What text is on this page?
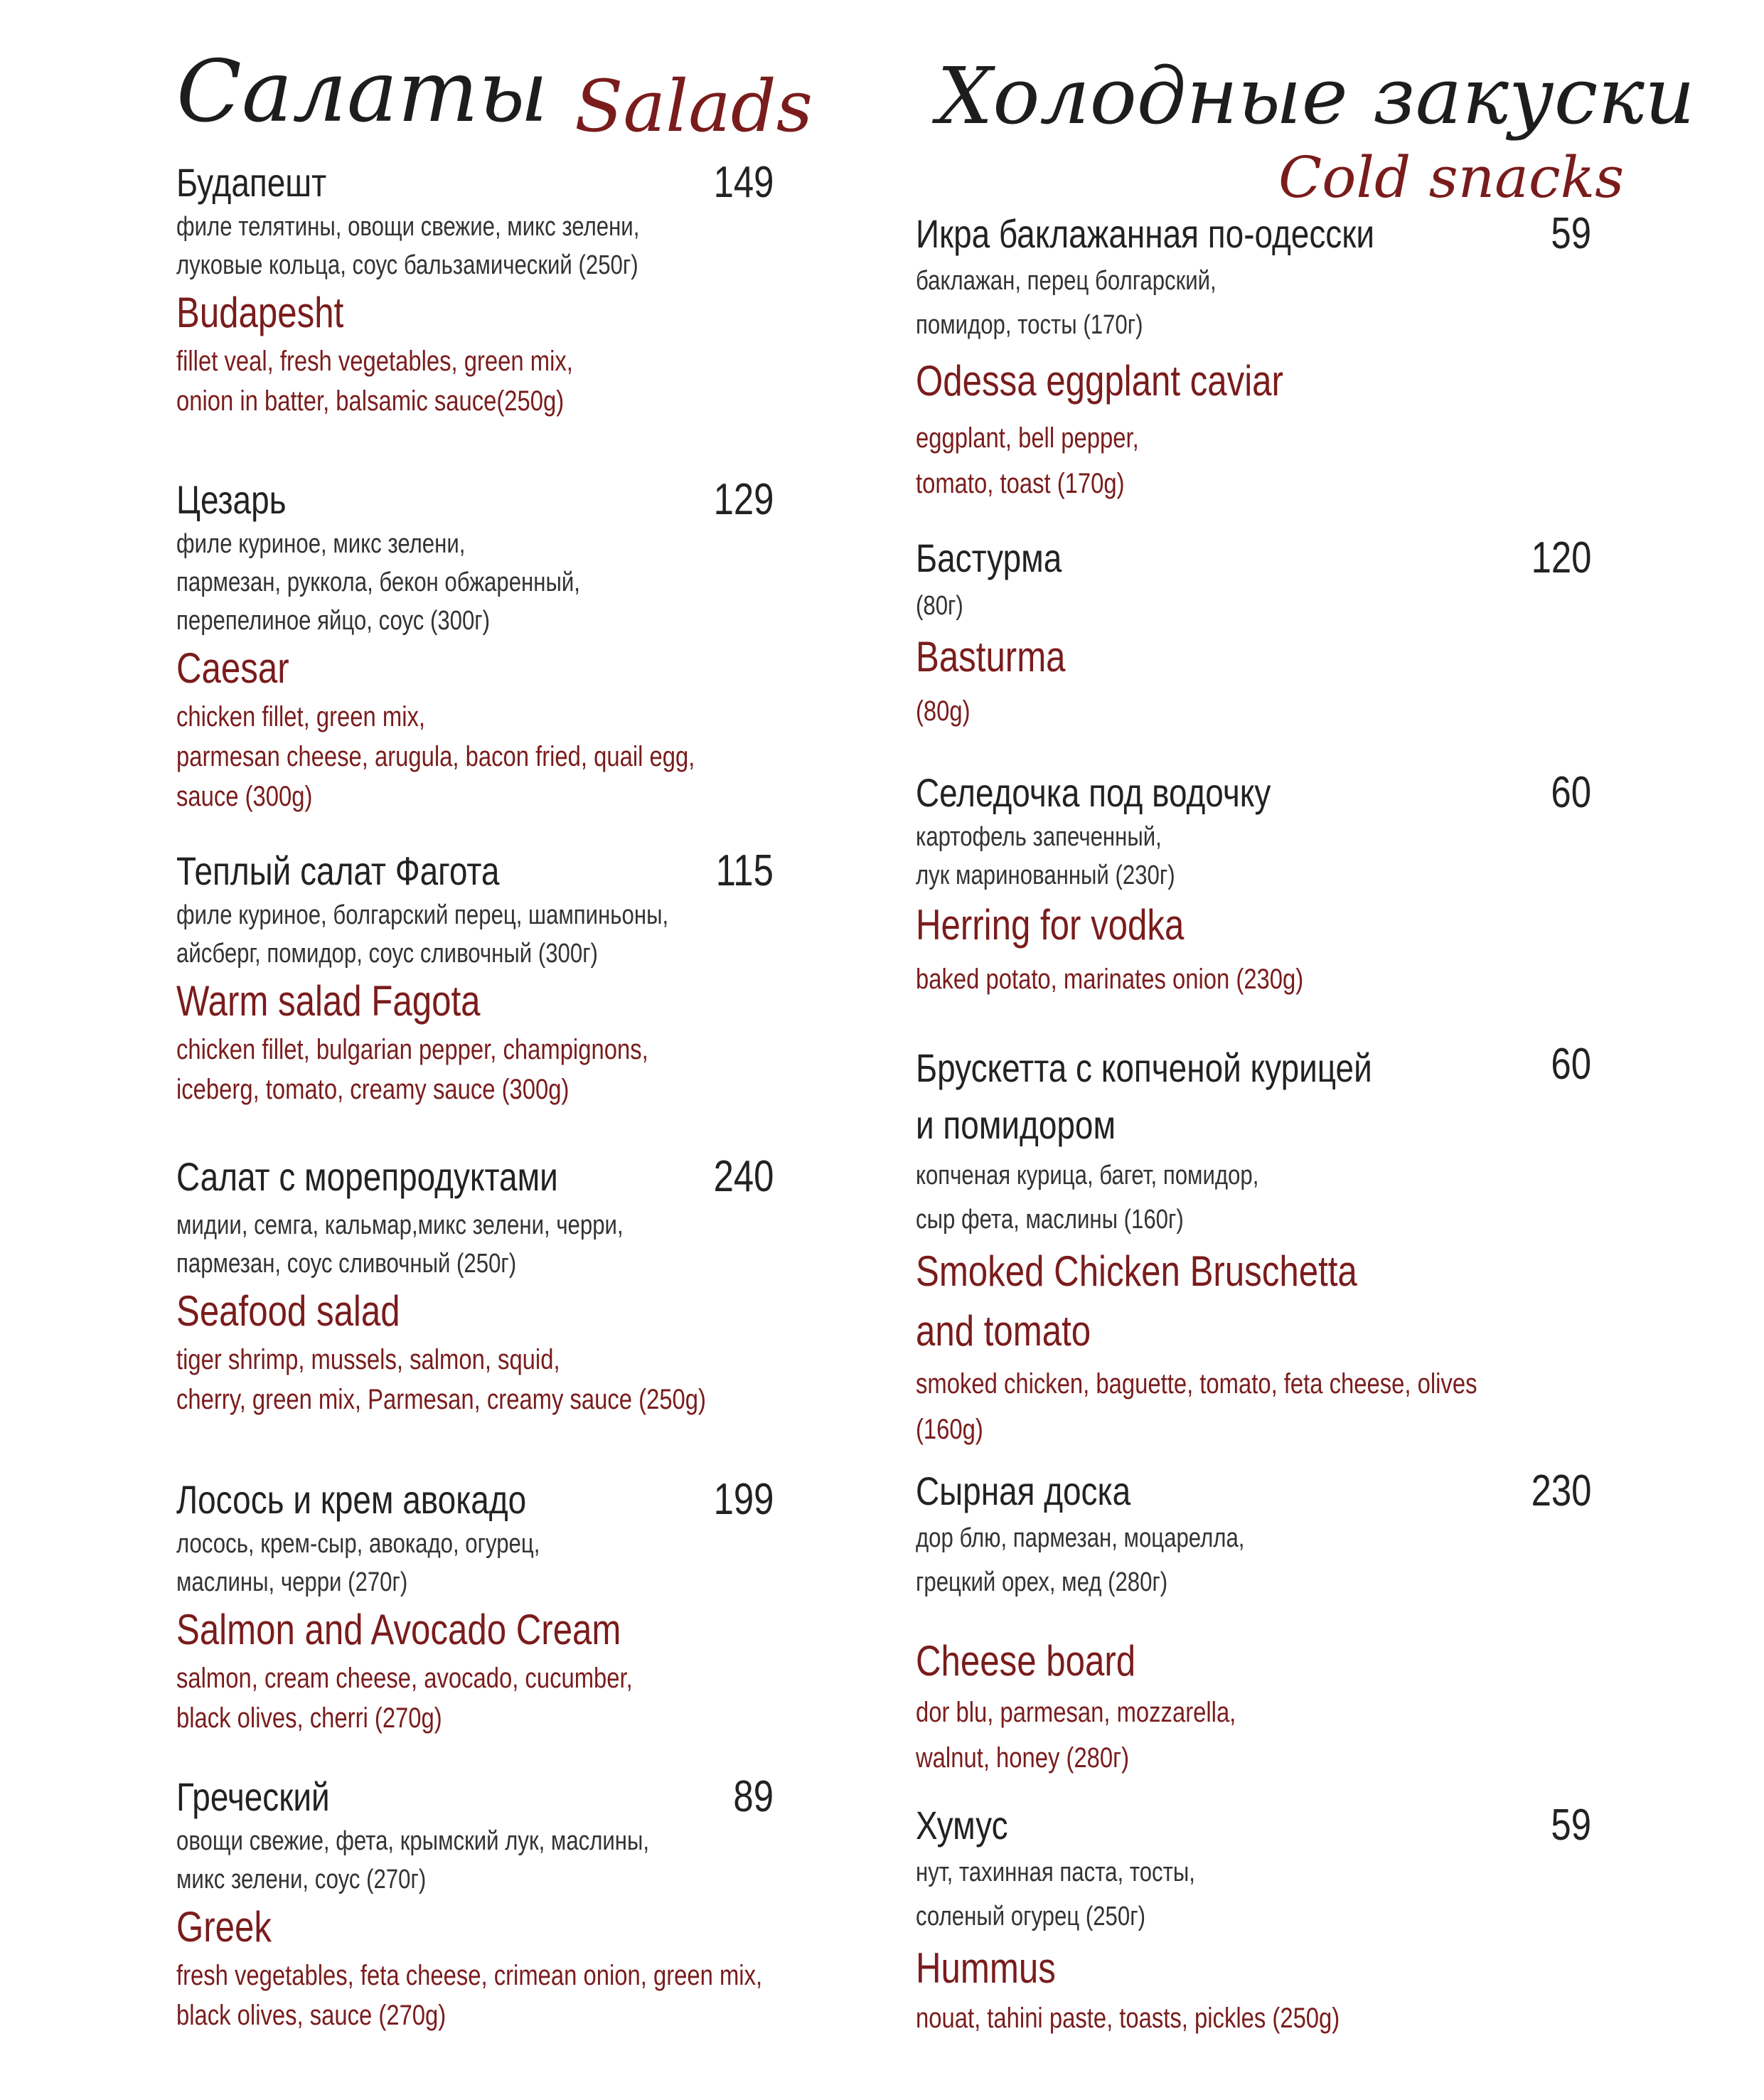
Салаты Salads
Будапешт	149
филе телятины, овощи свежие, микс зелени,
луковые кольца, соус бальзамический (250г)
Budapesht
fillet veal, fresh vegetables, green mix,
onion in batter, balsamic sauce(250g)
Цезарь	129
филе куриное, микс зелени,
пармезан, руккола, бекон обжаренный,
перепелиное яйцо, соус (300г)
Caesar
chicken fillet, green mix,
parmesan cheese, arugula, bacon fried, quail egg,
sauce (300g)
Теплый салат Фагота	115
филе куриное, болгарский перец, шампиньоны,
айсберг, помидор, соус сливочный (300г)
Warm salad Fagota
chicken fillet, bulgarian pepper, champignons,
iceberg, tomato, creamy sauce (300g)
Салат с морепродуктами	240
мидии, семга, кальмар,микс зелени, черри,
пармезан, соус сливочный (250г)
Seafood salad
tiger shrimp, mussels, salmon, squid,
cherry, green mix, Parmesan, creamy sauce (250g)
Лосось и крем авокадо	199
лосось, крем-сыр, авокадо, огурец,
маслины, черри (270г)
Salmon and Avocado Cream
salmon, cream cheese, avocado, cucumber,
black olives, cherri (270g)
Греческий	89
овощи свежие, фета, крымский лук, маслины,
микс зелени, соус (270г)
Greek
fresh vegetables, feta cheese, crimean onion, green mix,
black olives, sauce (270g)
Холодные закуски
Cold snacks
Икра баклажанная по-одесски	59
баклажан, перец болгарский,
помидор, тосты (170г)
Odessa eggplant caviar
eggplant, bell pepper,
tomato, toast (170g)
Бастурма	120
(80г)
Basturma
(80g)
Селедочка под водочку	60
картофель запеченный,
лук маринованный (230г)
Herring for vodka
baked potato, marinates onion (230g)
Брускетта с копченой курицей
и помидором
60
копченая курица, багет, помидор,
сыр фета, маслины (160г)
Smoked Chicken Bruschetta
and tomato
smoked chicken, baguette, tomato, feta cheese, olives
(160g)
Сырная доска	230
дор блю, пармезан, моцарелла,
грецкий орех, мед (280г)
Cheese board
dor blu, parmesan, mozzarella,
walnut, honey (280г)
Хумус	59
нут, тахинная паста, тосты,
соленый огурец (250г)
Hummus
nouat, tahini paste, toasts, pickles (250g)
